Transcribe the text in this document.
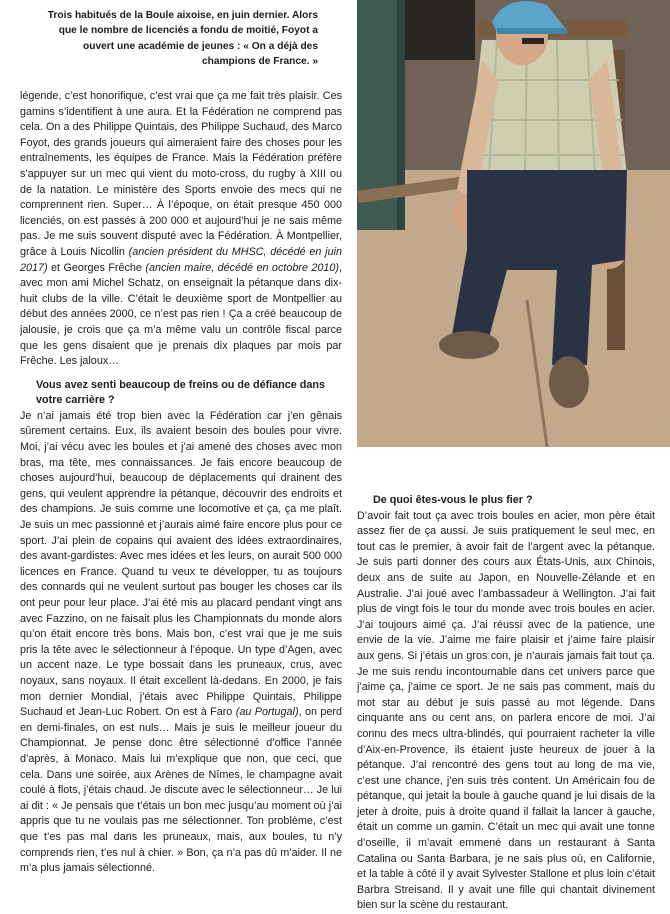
Trois habitués de la Boule aixoise, en juin dernier. Alors que le nombre de licenciés a fondu de moitié, Foyot a ouvert une académie de jeunes : « On a déjà des champions de France. »

légende, c’est honorifique, c’est vrai que ça me fait très plaisir. Ces gamins s’identifient à une aura. Et la Fédération ne comprend pas cela. On a des Philippe Quintais, des Philippe Suchaud, des Marco Foyot, des grands joueurs qui aimeraient faire des choses pour les entraînements, les équipes de France. Mais la Fédération préfère s’appuyer sur un mec qui vient du moto-cross, du rugby à XIII ou de la natation. Le ministère des Sports envoie des mecs qui ne comprennent rien. Super… À l’époque, on était presque 450 000 licenciés, on est passés à 200 000 et aujourd’hui je ne sais même pas. Je me suis souvent disputé avec la Fédération. À Montpellier, grâce à Louis Nicollin (ancien président du MHSC, décédé en juin 2017) et Georges Frêche (ancien maire, décédé en octobre 2010), avec mon ami Michel Schatz, on enseignait la pétanque dans dix-huit clubs de la ville. C’était le deuxième sport de Montpellier au début des années 2000, ce n’est pas rien ! Ça a créé beaucoup de jalousie, je crois que ça m’a même valu un contrôle fiscal parce que les gens disaient que je prenais dix plaques par mois par Frêche. Les jaloux…

Vous avez senti beaucoup de freins ou de défiance dans votre carrière ?

Je n’ai jamais été trop bien avec la Fédération car j’en gênais sûrement certains. Eux, ils avaient besoin des boules pour vivre. Moi, j’ai vécu avec les boules et j’ai amené des choses avec mon bras, ma tête, mes connaissances. Je fais encore beaucoup de choses aujourd’hui, beaucoup de déplacements qui drainent des gens, qui veulent apprendre la pétanque, découvrir des endroits et des champions. Je suis comme une locomotive et ça, ça me plaît. Je suis un mec passionné et j’aurais aimé faire encore plus pour ce sport. J’ai plein de copains qui avaient des idées extraordinaires, des avant-gardistes. Avec mes idées et les leurs, on aurait 500 000 licences en France. Quand tu veux te développer, tu as toujours des connards qui ne veulent surtout pas bouger les choses car ils ont peur pour leur place. J’ai été mis au placard pendant vingt ans avec Fazzino, on ne faisait plus les Championnats du monde alors qu’on était encore très bons. Mais bon, c’est vrai que je me suis pris la tête avec le sélectionneur à l’époque. Un type d’Agen, avec un accent naze. Le type bossait dans les pruneaux, crus, avec noyaux, sans noyaux. Il était excellent là-dedans. En 2000, je fais mon dernier Mondial, j’étais avec Philippe Quintais, Philippe Suchaud et Jean-Luc Robert. On est à Faro (au Portugal), on perd en demi-finales, on est nuls… Mais je suis le meilleur joueur du Championnat. Je pense donc être sélectionné d’office l’année d’après, à Monaco. Mais lui m’explique que non, que ceci, que cela. Dans une soirée, aux Arènes de Nîmes, le champagne avait coulé à flots, j’étais chaud. Je discute avec le sélectionneur… Je lui ai dit : « Je pensais que t’étais un bon mec jusqu’au moment où j’ai appris que tu ne voulais pas me sélectionner. Ton problème, c’est que t’es pas mal dans les pruneaux, mais, aux boules, tu n’y comprends rien, t’es nul à chier. » Bon, ça n’a pas dû m’aider. Il ne m’a plus jamais sélectionné.

De quoi êtes-vous le plus fier ?

D’avoir fait tout ça avec trois boules en acier, mon père était assez fier de ça aussi. Je suis pratiquement le seul mec, en tout cas le premier, à avoir fait de l’argent avec la pétanque. Je suis parti donner des cours aux États-Unis, aux Chinois, deux ans de suite au Japon, en Nouvelle-Zélande et en Australie. J’ai joué avec l’ambassadeur à Wellington. J’ai fait plus de vingt fois le tour du monde avec trois boules en acier. J’ai toujours aimé ça. J’ai réussi avec de la patience, une envie de la vie. J’aime me faire plaisir et j’aime faire plaisir aux gens. Si j’étais un gros con, je n’aurais jamais fait tout ça. Je me suis rendu incontournable dans cet univers parce que j’aime ça, j’aime ce sport. Je ne sais pas comment, mais du mot star au début je suis passé au mot légende. Dans cinquante ans ou cent ans, on parlera encore de moi. J’ai connu des mecs ultra-blindés, qui pourraient racheter la ville d’Aix-en-Provence, ils étaient juste heureux de jouer à la pétanque. J’ai rencontré des gens tout au long de ma vie, c’est une chance, j’en suis très content. Un Américain fou de pétanque, qui jetait la boule à gauche quand je lui disais de la jeter à droite, puis à droite quand il fallait la lancer à gauche, était un comme un gamin. C’était un mec qui avait une tonne d’oseille, il m’avait emmené dans un restaurant à Santa Catalina ou Santa Barbara, je ne sais plus où, en Californie, et la table à côté il y avait Sylvester Stallone et plus loin c’était Barbra Streisand. Il y avait une fille qui chantait divinement bien sur la scène du restaurant.
